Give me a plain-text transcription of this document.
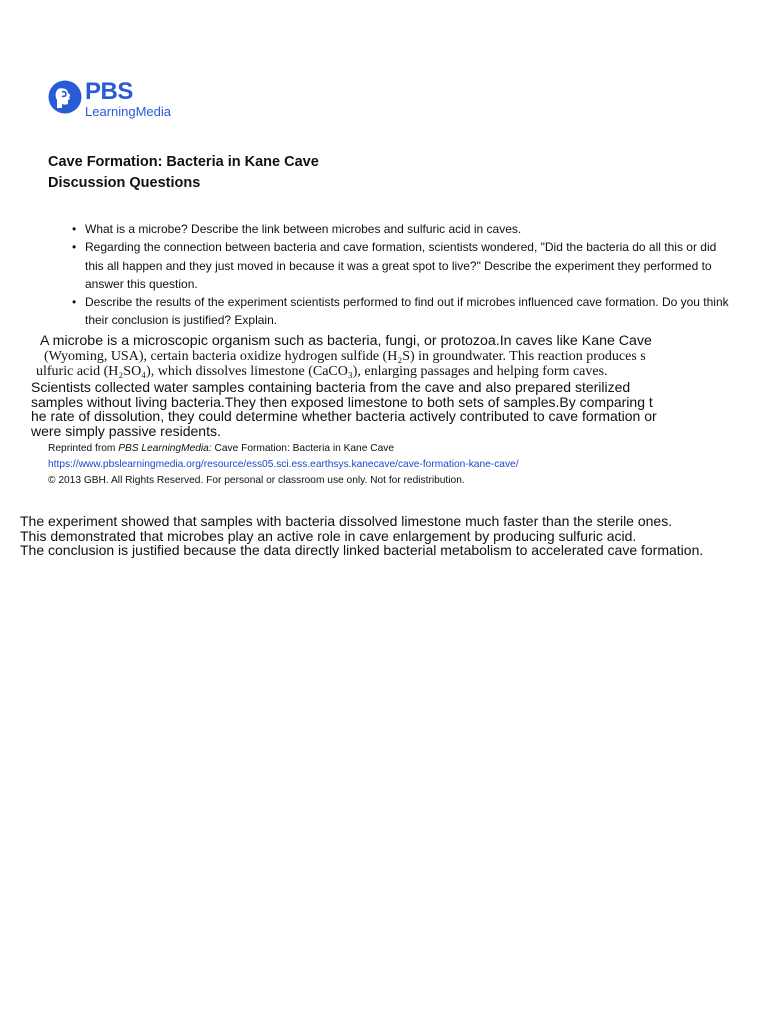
PBS
LearningMedia
Cave Formation: Bacteria in Kane Cave
Discussion Questions
• What is a microbe? Describe the link between microbes and sulfuric acid in caves.
• Regarding the connection between bacteria and cave formation, scientists wondered, "Did the bacteria do all this or did this all happen and they just moved in because it was a great spot to live?" Describe the experiment they performed to answer this question.
• Describe the results of the experiment scientists performed to find out if microbes influenced cave formation. Do you think their conclusion is justified? Explain.
A microbe is a microscopic organism such as bacteria, fungi, or protozoa.In caves like Kane Cave
(Wyoming, USA), certain bacteria oxidize hydrogen sulfide (H₂S) in groundwater. This reaction produces s
ulfuric acid (H₂SO₄), which dissolves limestone (CaCO₃), enlarging passages and helping form caves.
Scientists collected water samples containing bacteria from the cave and also prepared sterilized
samples without living bacteria.They then exposed limestone to both sets of samples.By comparing t
he rate of dissolution, they could determine whether bacteria actively contributed to cave formation or
were simply passive residents.
Reprinted from PBS LearningMedia: Cave Formation: Bacteria in Kane Cave
https://www.pbslearningmedia.org/resource/ess05.sci.ess.earthsys.kanecave/cave-formation-kane-cave/
© 2013 GBH. All Rights Reserved. For personal or classroom use only. Not for redistribution.
The experiment showed that samples with bacteria dissolved limestone much faster than the sterile ones.
This demonstrated that microbes play an active role in cave enlargement by producing sulfuric acid.
The conclusion is justified because the data directly linked bacterial metabolism to accelerated cave formation.
